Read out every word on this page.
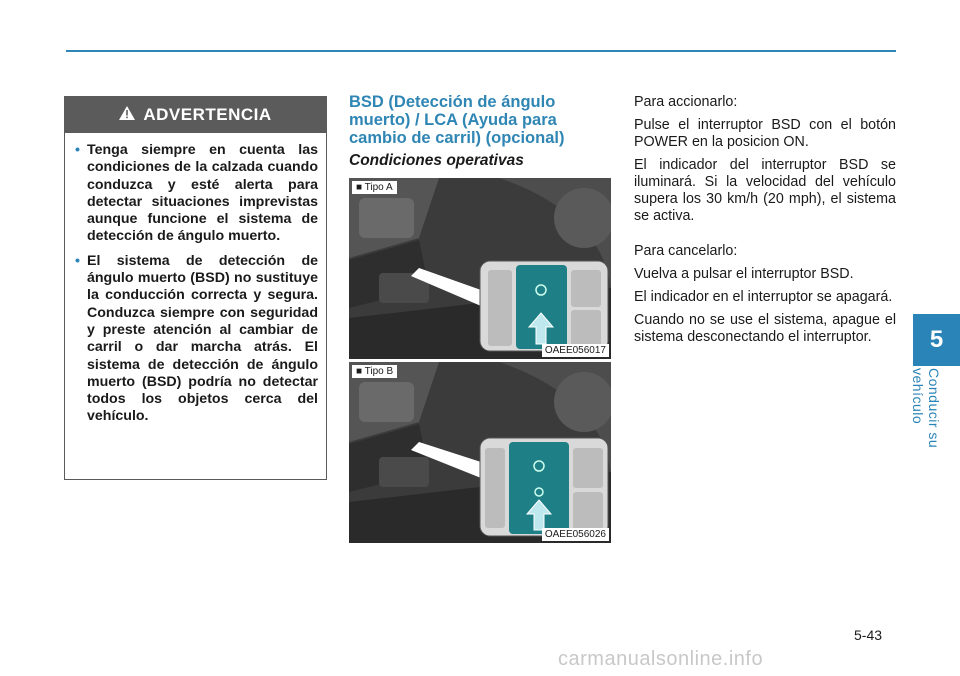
ADVERTENCIA
• Tenga siempre en cuenta las condiciones de la calzada cuando conduzca y esté alerta para detectar situaciones imprevistas aunque funcione el sistema de detección de ángulo muerto.
• El sistema de detección de ángulo muerto (BSD) no sustituye la conducción correcta y segura. Conduzca siempre con seguridad y preste atención al cambiar de carril o dar marcha atrás. El sistema de detección de ángulo muerto (BSD) podría no detectar todos los objetos cerca del vehículo.
BSD (Detección de ángulo muerto) / LCA (Ayuda para cambio de carril) (opcional)
Condiciones operativas
■ Tipo A
OAEE056017
■ Tipo B
OAEE056026

Para accionarlo:

Pulse el interruptor BSD con el botón POWER en la posicion ON.

El indicador del interruptor BSD se iluminará. Si la velocidad del vehículo supera los 30 km/h (20 mph), el sistema se activa.

Para cancelarlo:

Vuelva a pulsar el interruptor BSD.

El indicador en el interruptor se apagará.

Cuando no se use el sistema, apague el sistema desconectando el interruptor.	5
Conducir su vehículo
5-43
carmanualsonline.info
